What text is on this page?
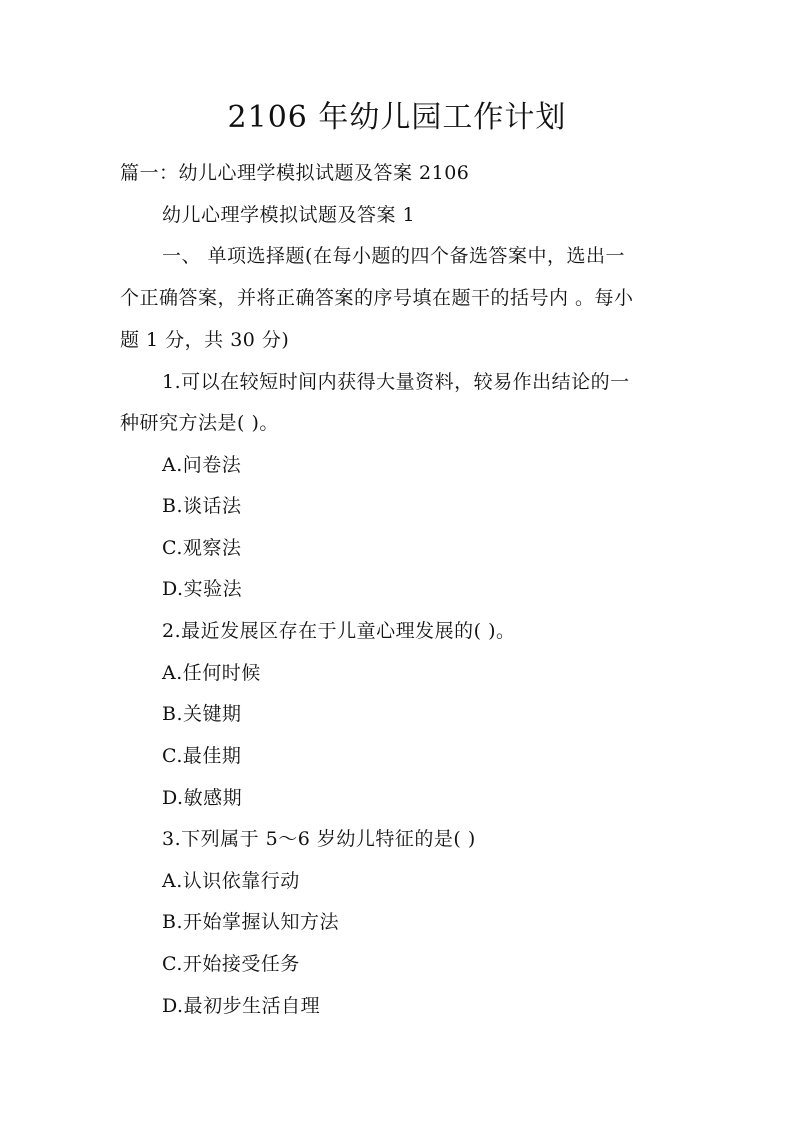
2106 年幼儿园工作计划
篇一：幼儿心理学模拟试题及答案 2106
幼儿心理学模拟试题及答案 1
一、 单项选择题(在每小题的四个备选答案中，选出一
个正确答案，并将正确答案的序号填在题干的括号内 。每小
题 1 分，共 30 分)
1.可以在较短时间内获得大量资料，较易作出结论的一
种研究方法是( )。
A.问卷法
B.谈话法
C.观察法
D.实验法
2.最近发展区存在于儿童心理发展的( )。
A.任何时候
B.关键期
C.最佳期
D.敏感期
3.下列属于 5～6 岁幼儿特征的是( )
A.认识依靠行动
B.开始掌握认知方法
C.开始接受任务
D.最初步生活自理
